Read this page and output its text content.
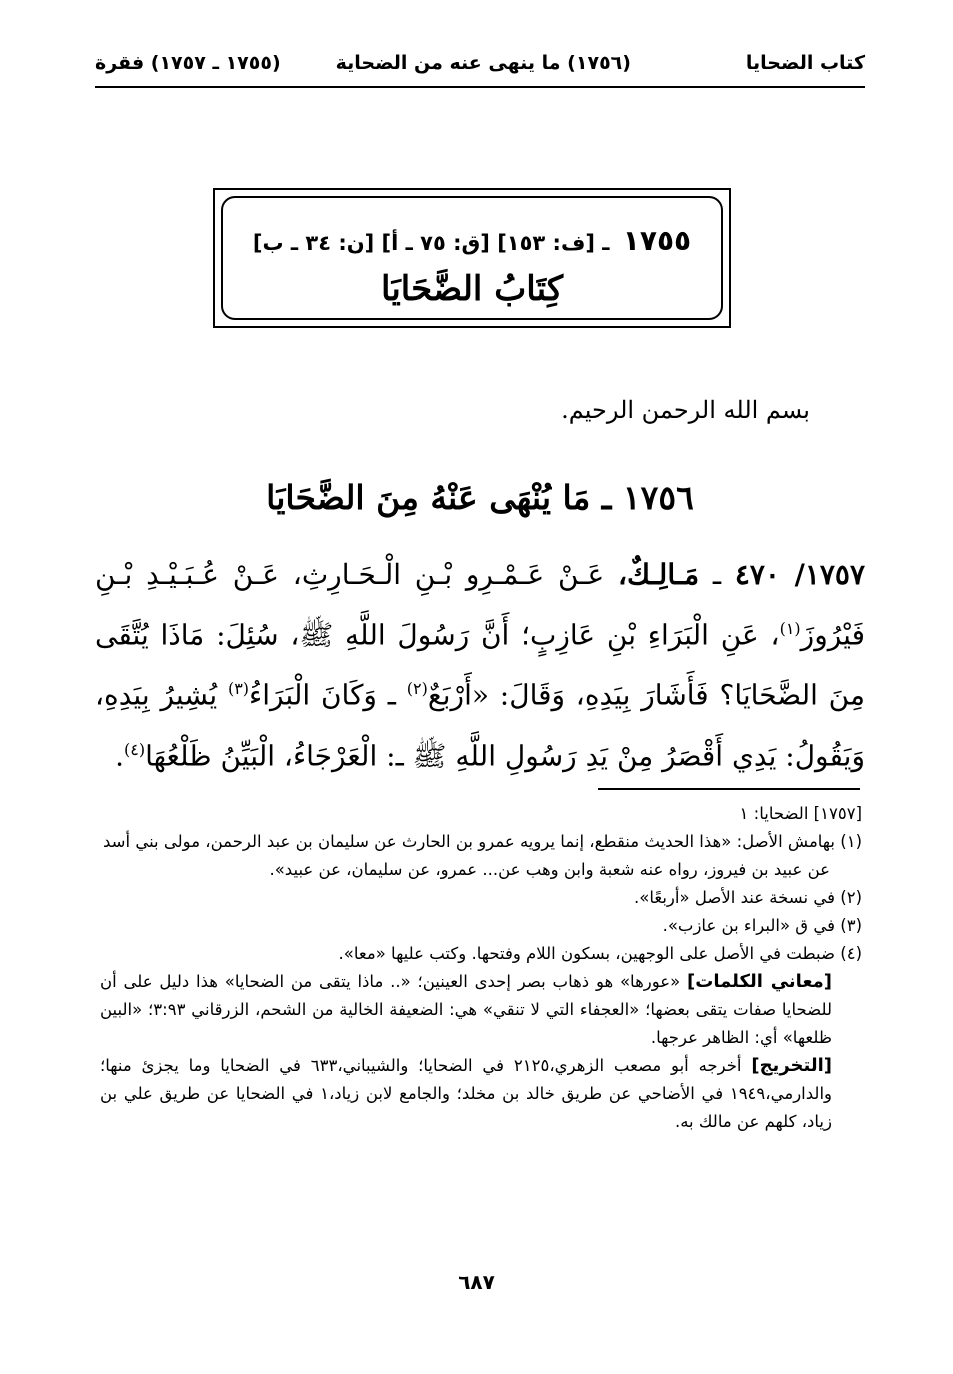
كتاب الضحايا
(١٧٥٦) ما ينهى عنه من الضحاية
(١٧٥٥ ـ ١٧٥٧) فقرة
١٧٥٥ ـ [ف: ١٥٣] [ق: ٧٥ ـ أ] [ن: ٣٤ ـ ب]
كِتَابُ الضَّحَايَا
بسم الله الرحمن الرحيم.
١٧٥٦ ـ مَا يُنْهَى عَنْهُ مِنَ الضَّحَايَا
١٧٥٧/ ٤٧٠ ـ مَـالِـكٌ، عَـنْ عَـمْـرِو بْـنِ الْـحَـارِثِ، عَـنْ عُـبَـيْـدِ بْـنِ فَيْرُوزَ$^{(١)}$، عَنِ الْبَرَاءِ بْنِ عَازِبٍ؛ أَنَّ رَسُولَ اللَّهِ ﷺ، سُئِلَ: مَاذَا يُتَّقَى مِنَ الضَّحَايَا؟ فَأَشَارَ بِيَدِهِ، وَقَالَ: «أَرْبَعٌ$^{(٢)}$ ـ وَكَانَ الْبَرَاءُ$^{(٣)}$ يُشِيرُ بِيَدِهِ، وَيَقُولُ: يَدِي أَقْصَرُ مِنْ يَدِ رَسُولِ اللَّهِ ﷺ ـ: الْعَرْجَاءُ، الْبَيِّنُ ظَلْعُهَا$^{(٤)}$.
[١٧٥٧] الضحايا: ١
(١) بهامش الأصل: «هذا الحديث منقطع، إنما يرويه عمرو بن الحارث عن سليمان بن عبد الرحمن، مولى بني أسد عن عبيد بن فيروز، رواه عنه شعبة وابن وهب عن... عمرو، عن سليمان، عن عبيد».
(٢) في نسخة عند الأصل «أربعًا».
(٣) في ق «البراء بن عازب».
(٤) ضبطت في الأصل على الوجهين، بسكون اللام وفتحها. وكتب عليها «معا».
[معاني الكلمات] «عورها» هو ذهاب بصر إحدى العينين؛ «.. ماذا يتقى من الضحايا» هذا دليل على أن للضحايا صفات يتقى بعضها؛ «العجفاء التي لا تنقي» هي: الضعيفة الخالية من الشحم، الزرقاني ٣:٩٣؛ «البين ظلعها» أي: الظاهر عرجها.
[التخريج] أخرجه أبو مصعب الزهري،٢١٢٥ في الضحايا؛ والشيباني،٦٣٣ في الضحايا وما يجزئ منها؛ والدارمي،١٩٤٩ في الأضاحي عن طريق خالد بن مخلد؛ والجامع لابن زياد،١ في الضحايا عن طريق علي بن زياد، كلهم عن مالك به.
٦٨٧
